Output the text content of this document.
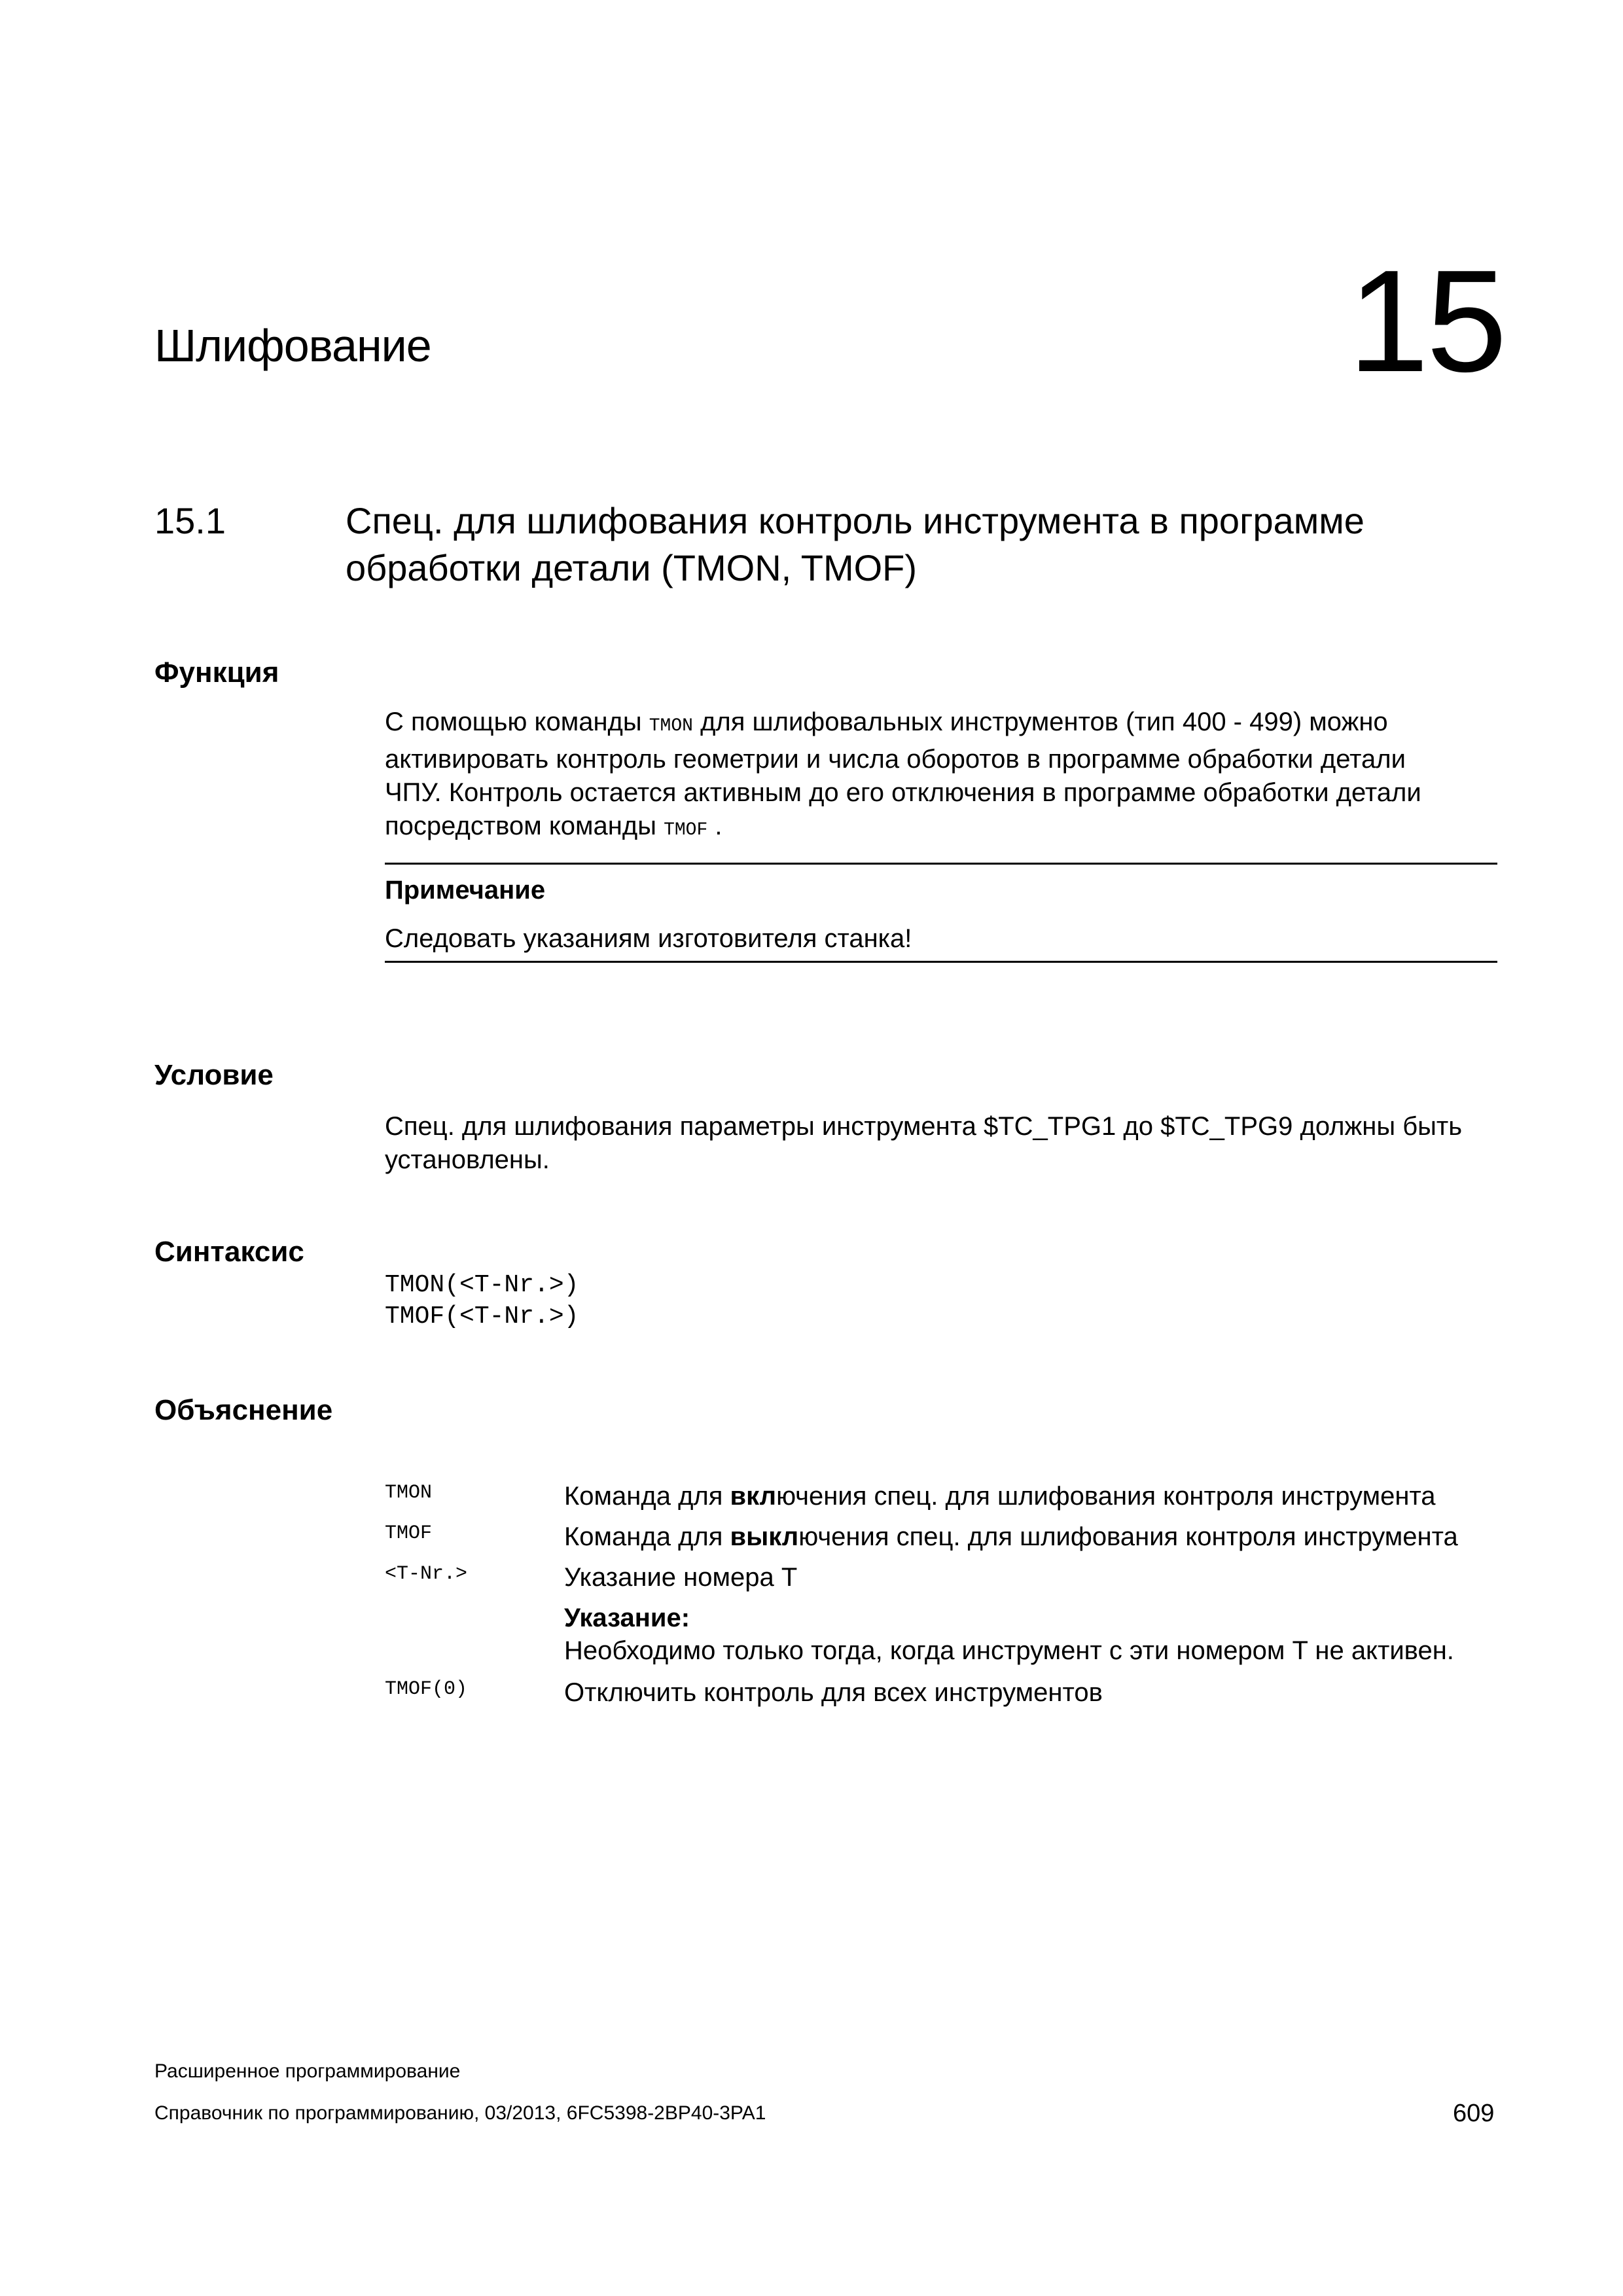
Шлифование	15
15.1	Спец. для шлифования контроль инструмента в программе
обработки детали (TMON, TMOF)
Функция
С помощью команды TMON для шлифовальных инструментов (тип 400 - 499) можно
активировать контроль геометрии и числа оборотов в программе обработки детали
ЧПУ. Контроль остается активным до его отключения в программе обработки детали
посредством команды TMOF .
Примечание
Следовать указаниям изготовителя станка!
Условие
Спец. для шлифования параметры инструмента $TC_TPG1 до $TC_TPG9 должны быть
установлены.
Синтаксис
TMON(<T-Nr.>)
TMOF(<T-Nr.>)
Объяснение
TMON	Команда для включения спец. для шлифования контроля инструмента
TMOF	Команда для выключения спец. для шлифования контроля инструмента
<T-Nr.>	Указание номера T
Указание:
Необходимо только тогда, когда инструмент с эти номером T не активен.
TMOF(0)	Отключить контроль для всех инструментов
Расширенное программирование
Справочник по программированию, 03/2013, 6FC5398-2BP40-3PA1	609
